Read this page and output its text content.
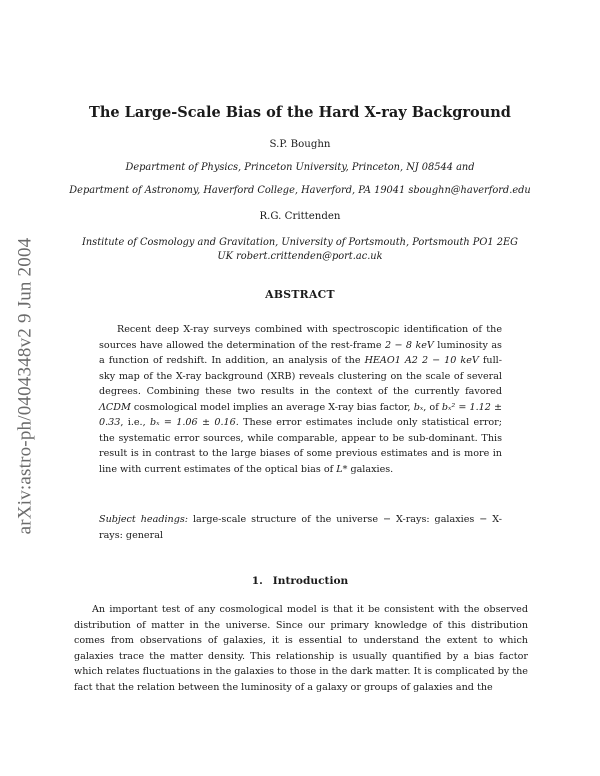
arXiv:astro-ph/0404348v2 9 Jun 2004
The Large-Scale Bias of the Hard X-ray Background
S.P. Boughn
Department of Physics, Princeton University, Princeton, NJ 08544 and
Department of Astronomy, Haverford College, Haverford, PA 19041 sboughn@haverford.edu
R.G. Crittenden
Institute of Cosmology and Gravitation, University of Portsmouth, Portsmouth PO1 2EG
UK robert.crittenden@port.ac.uk
ABSTRACT

Recent deep X-ray surveys combined with spectroscopic identification of the sources have allowed the determination of the rest-frame 2 − 8 keV luminosity as a function of redshift. In addition, an analysis of the HEAO1 A2 2 − 10 keV full-sky map of the X-ray background (XRB) reveals clustering on the scale of several degrees. Combining these two results in the context of the currently favored ΛCDM cosmological model implies an average X-ray bias factor, bₓ, of bₓ² = 1.12 ± 0.33, i.e., bₓ = 1.06 ± 0.16. These error estimates include only statistical error; the systematic error sources, while comparable, appear to be sub-dominant. This result is in contrast to the large biases of some previous estimates and is more in line with current estimates of the optical bias of L* galaxies.

Subject headings: large-scale structure of the universe − X-rays: galaxies − X-rays: general

1. Introduction

An important test of any cosmological model is that it be consistent with the observed distribution of matter in the universe. Since our primary knowledge of this distribution comes from observations of galaxies, it is essential to understand the extent to which galaxies trace the matter density. This relationship is usually quantified by a bias factor which relates fluctuations in the galaxies to those in the dark matter. It is complicated by the fact that the relation between the luminosity of a galaxy or groups of galaxies and the
